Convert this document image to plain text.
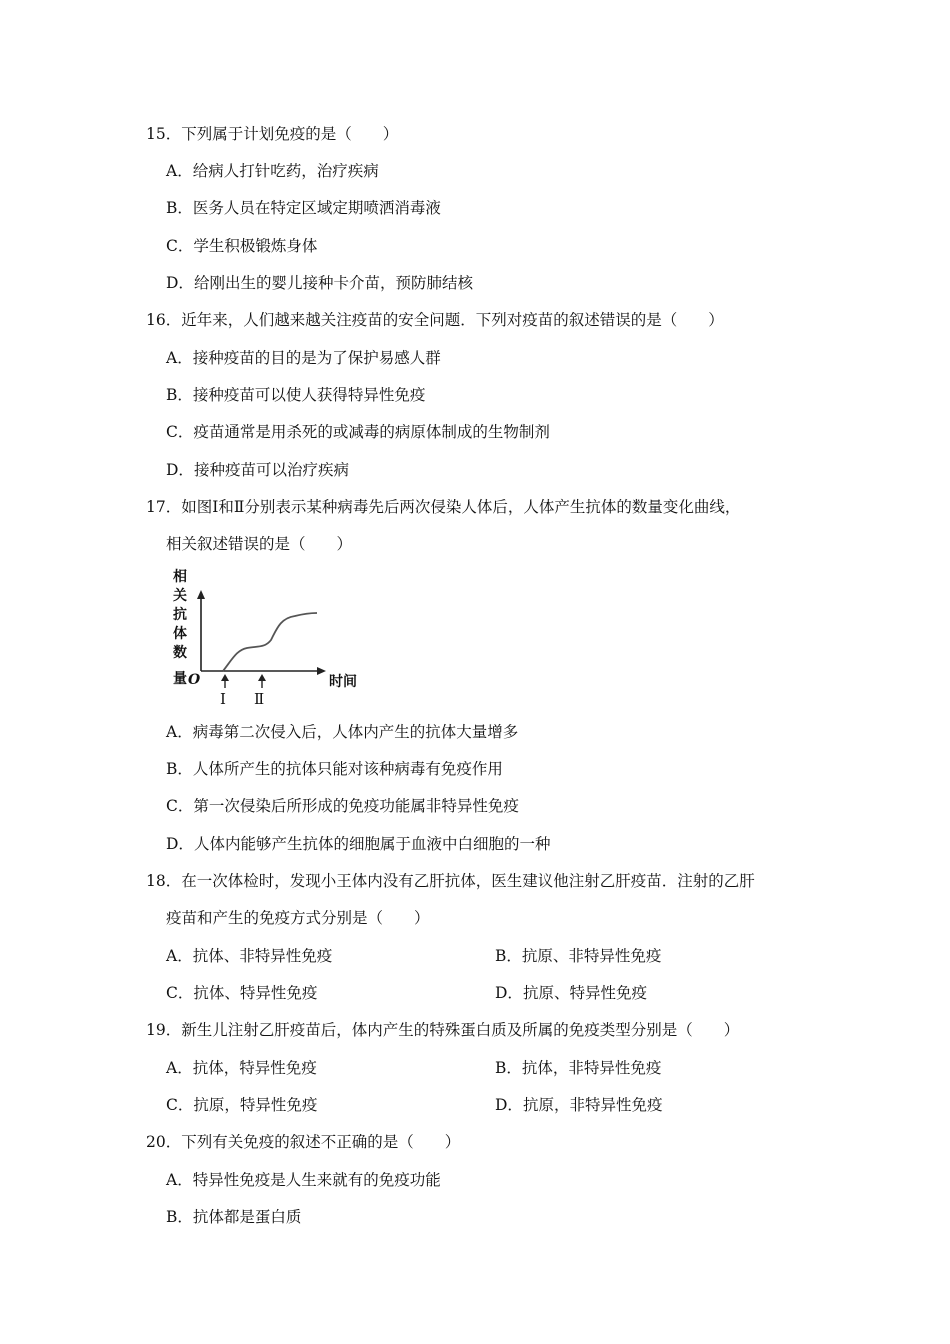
15．下列属于计划免疫的是（　　）
A．给病人打针吃药，治疗疾病
B．医务人员在特定区域定期喷洒消毒液
C．学生积极锻炼身体
D．给刚出生的婴儿接种卡介苗，预防肺结核
16．近年来，人们越来越关注疫苗的安全问题．下列对疫苗的叙述错误的是（　　）
A．接种疫苗的目的是为了保护易感人群
B．接种疫苗可以使人获得特异性免疫
C．疫苗通常是用杀死的或减毒的病原体制成的生物制剂
D．接种疫苗可以治疗疾病
17．如图Ⅰ和Ⅱ分别表示某种病毒先后两次侵染人体后，人体产生抗体的数量变化曲线，
相关叙述错误的是（　　）
相
关
抗
体
数
量 O	时间
Ⅰ Ⅱ
A．病毒第二次侵入后，人体内产生的抗体大量增多
B．人体所产生的抗体只能对该种病毒有免疫作用
C．第一次侵染后所形成的免疫功能属非特异性免疫
D．人体内能够产生抗体的细胞属于血液中白细胞的一种
18．在一次体检时，发现小王体内没有乙肝抗体，医生建议他注射乙肝疫苗．注射的乙肝
疫苗和产生的免疫方式分别是（　　）
A．抗体、非特异性免疫	B．抗原、非特异性免疫
C．抗体、特异性免疫	D．抗原、特异性免疫
19．新生儿注射乙肝疫苗后，体内产生的特殊蛋白质及所属的免疫类型分别是（　　）
A．抗体，特异性免疫	B．抗体，非特异性免疫
C．抗原，特异性免疫	D．抗原，非特异性免疫
20．下列有关免疫的叙述不正确的是（　　）
A．特异性免疫是人生来就有的免疫功能
B．抗体都是蛋白质
